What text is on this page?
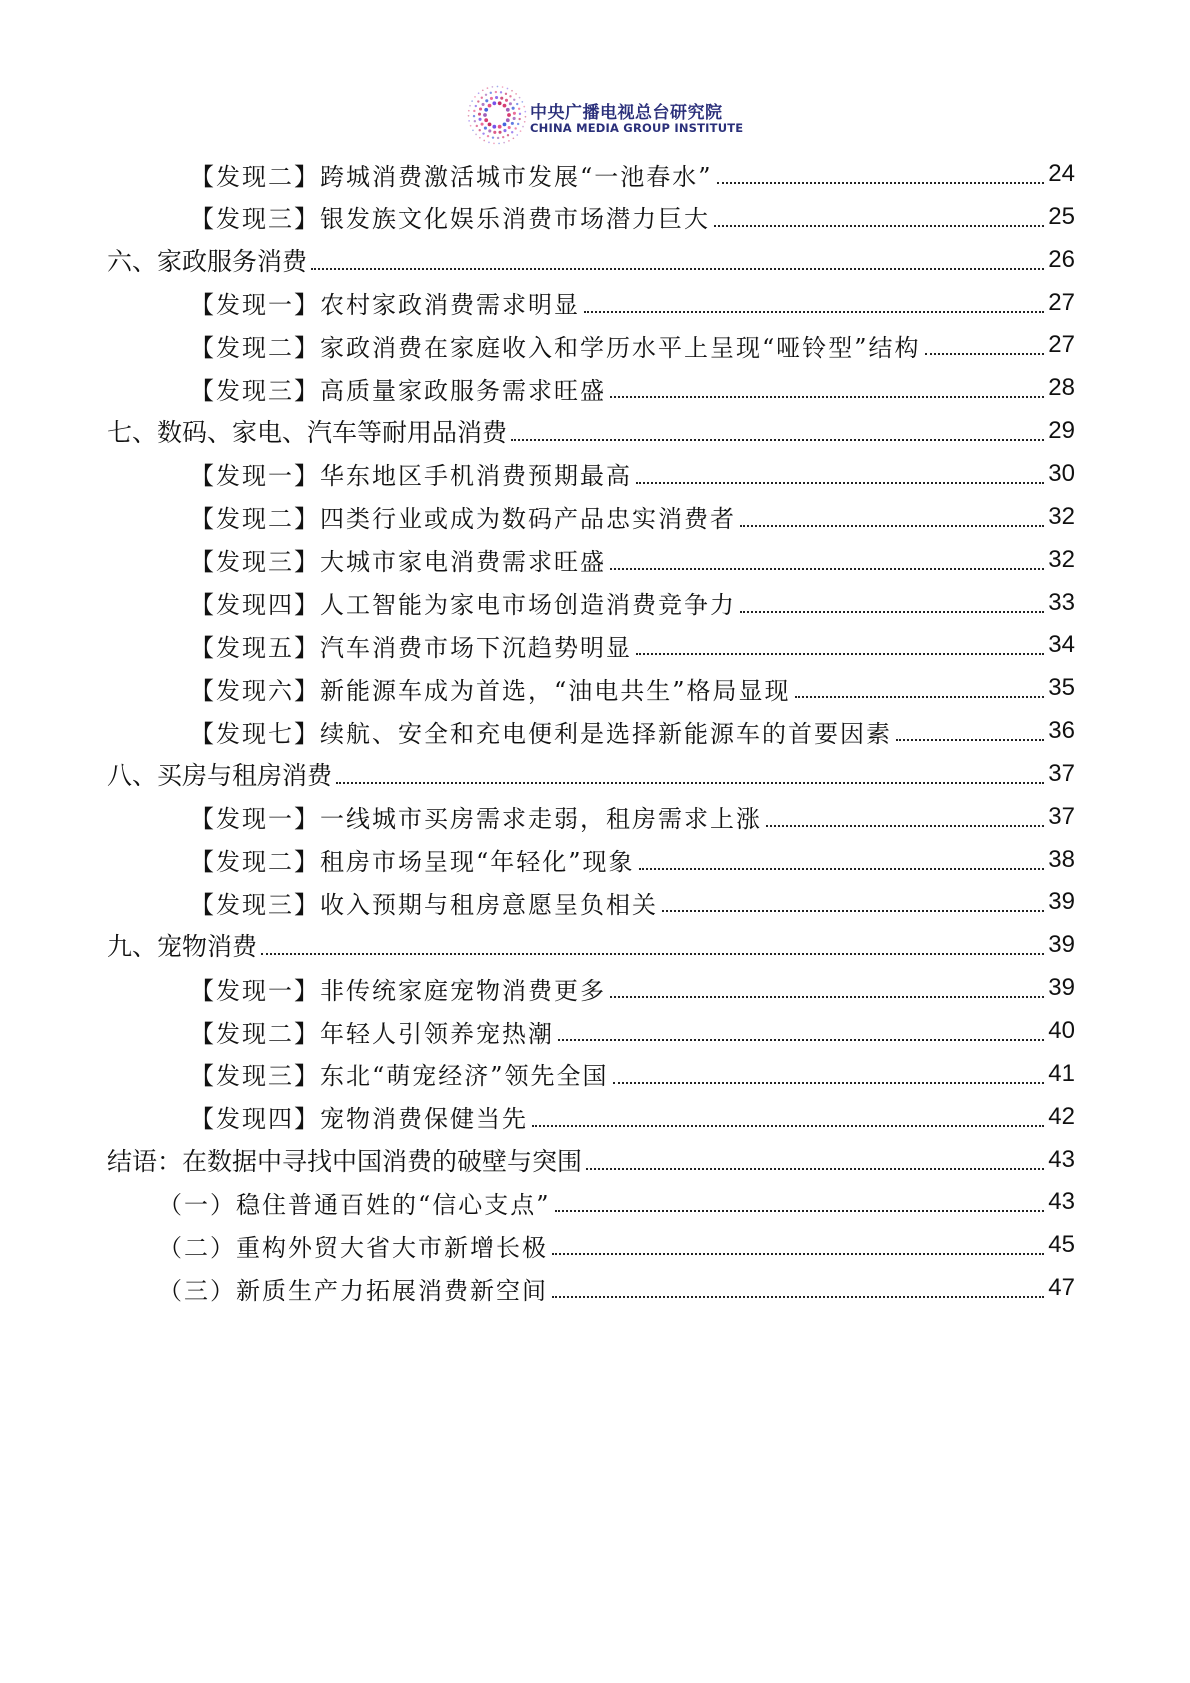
中央广播电视总台研究院
CHINA MEDIA GROUP INSTITUTE
【发现二】跨城消费激活城市发展“一池春水”	24
【发现三】银发族文化娱乐消费市场潜力巨大	25
六、家政服务消费	26
【发现一】农村家政消费需求明显	27
【发现二】家政消费在家庭收入和学历水平上呈现“哑铃型”结构	27
【发现三】高质量家政服务需求旺盛	28
七、数码、家电、汽车等耐用品消费	29
【发现一】华东地区手机消费预期最高	30
【发现二】四类行业或成为数码产品忠实消费者	32
【发现三】大城市家电消费需求旺盛	32
【发现四】人工智能为家电市场创造消费竞争力	33
【发现五】汽车消费市场下沉趋势明显	34
【发现六】新能源车成为首选，“油电共生”格局显现	35
【发现七】续航、安全和充电便利是选择新能源车的首要因素	36
八、买房与租房消费	37
【发现一】一线城市买房需求走弱，租房需求上涨	37
【发现二】租房市场呈现“年轻化”现象	38
【发现三】收入预期与租房意愿呈负相关	39
九、宠物消费	39
【发现一】非传统家庭宠物消费更多	39
【发现二】年轻人引领养宠热潮	40
【发现三】东北“萌宠经济”领先全国	41
【发现四】宠物消费保健当先	42
结语：在数据中寻找中国消费的破壁与突围	43
（一）稳住普通百姓的“信心支点”	43
（二）重构外贸大省大市新增长极	45
（三）新质生产力拓展消费新空间	47
